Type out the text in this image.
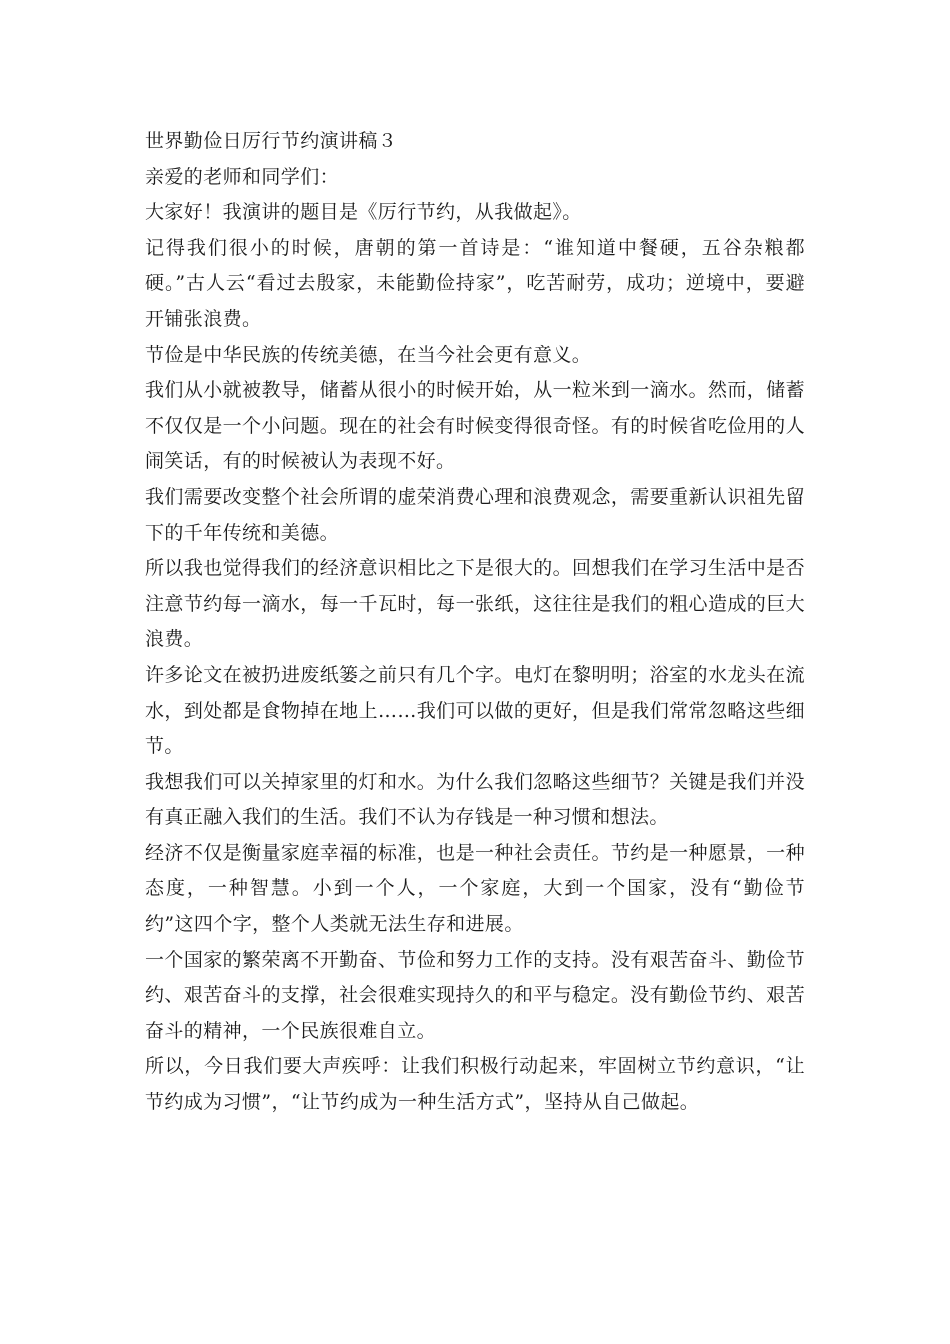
世界勤俭日厉行节约演讲稿３

亲爱的老师和同学们：

大家好！我演讲的题目是《厉行节约，从我做起》。

记得我们很小的时候，唐朝的第一首诗是：“谁知道中餐硬，五谷杂粮都硬。”古人云“看过去殷家，未能勤俭持家”，吃苦耐劳，成功；逆境中，要避开铺张浪费。

节俭是中华民族的传统美德，在当今社会更有意义。

我们从小就被教导，储蓄从很小的时候开始，从一粒米到一滴水。然而，储蓄不仅仅是一个小问题。现在的社会有时候变得很奇怪。有的时候省吃俭用的人闹笑话，有的时候被认为表现不好。

我们需要改变整个社会所谓的虚荣消费心理和浪费观念，需要重新认识祖先留下的千年传统和美德。

所以我也觉得我们的经济意识相比之下是很大的。回想我们在学习生活中是否注意节约每一滴水，每一千瓦时，每一张纸，这往往是我们的粗心造成的巨大浪费。

许多论文在被扔进废纸篓之前只有几个字。电灯在黎明明；浴室的水龙头在流水，到处都是食物掉在地上……我们可以做的更好，但是我们常常忽略这些细节。

我想我们可以关掉家里的灯和水。为什么我们忽略这些细节？关键是我们并没有真正融入我们的生活。我们不认为存钱是一种习惯和想法。

经济不仅是衡量家庭幸福的标准，也是一种社会责任。节约是一种愿景，一种态度，一种智慧。小到一个人，一个家庭，大到一个国家，没有“勤俭节约”这四个字，整个人类就无法生存和进展。

一个国家的繁荣离不开勤奋、节俭和努力工作的支持。没有艰苦奋斗、勤俭节约、艰苦奋斗的支撑，社会很难实现持久的和平与稳定。没有勤俭节约、艰苦奋斗的精神，一个民族很难自立。

所以，今日我们要大声疾呼：让我们积极行动起来，牢固树立节约意识，“让节约成为习惯”，“让节约成为一种生活方式”，坚持从自己做起。
